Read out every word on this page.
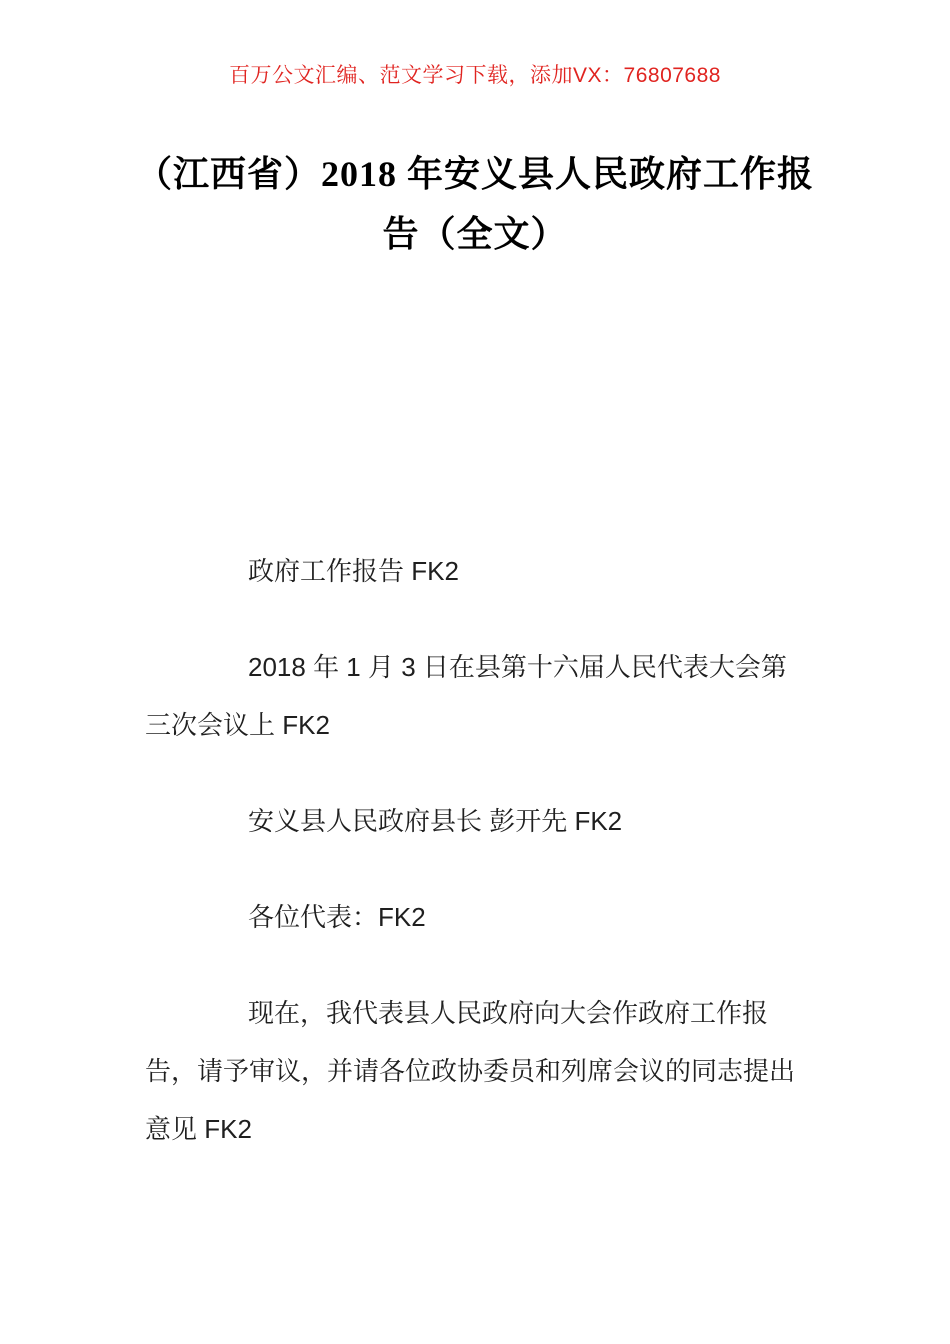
百万公文汇编、范文学习下载，添加VX：76807688
（江西省）2018 年安义县人民政府工作报
告（全文）

政府工作报告 FK2

2018 年 1 月 3 日在县第十六届人民代表大会第三次会议上 FK2

安义县人民政府县长 彭开先 FK2

各位代表：FK2

现在，我代表县人民政府向大会作政府工作报告，请予审议，并请各位政协委员和列席会议的同志提出意见 FK2
